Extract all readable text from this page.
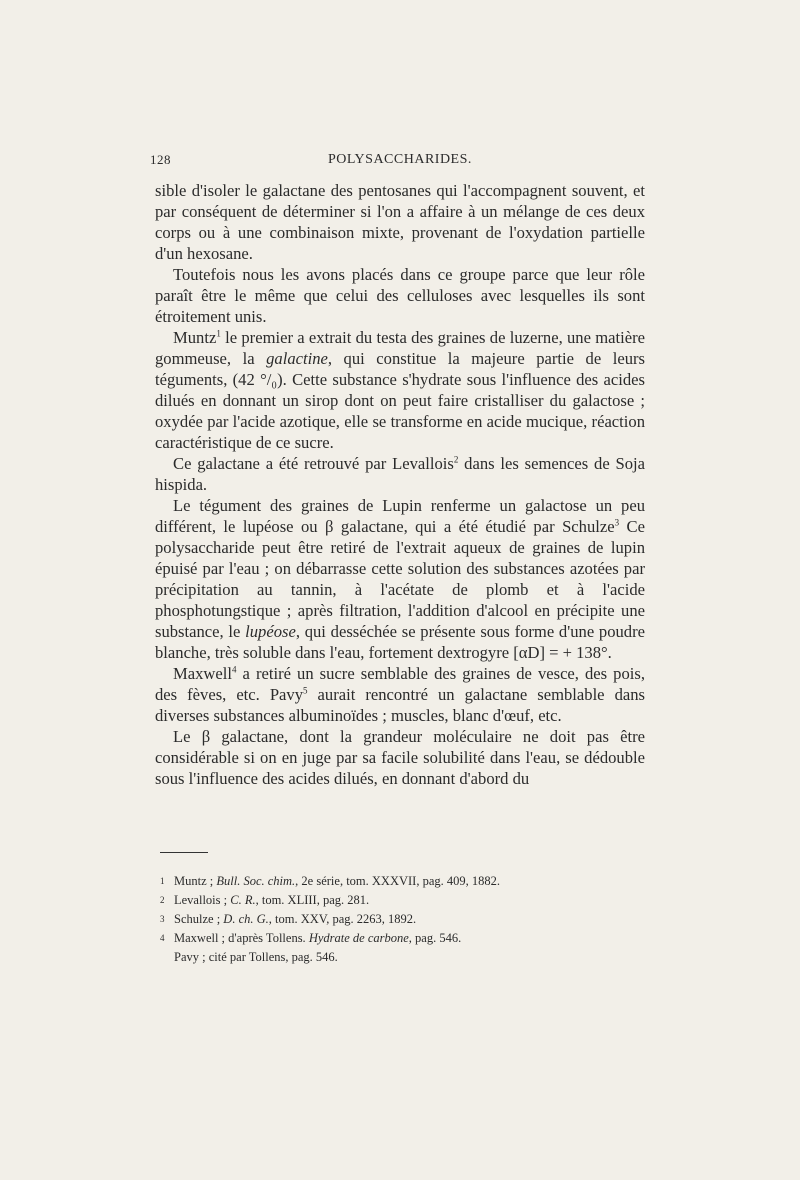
128	POLYSACCHARIDES.

sible d'isoler le galactane des pentosanes qui l'accompagnent souvent, et par conséquent de déterminer si l'on a affaire à un mélange de ces deux corps ou à une combinaison mixte, provenant de l'oxydation partielle d'un hexosane.

Toutefois nous les avons placés dans ce groupe parce que leur rôle paraît être le même que celui des celluloses avec lesquelles ils sont étroitement unis.

Muntz$^1$ le premier a extrait du testa des graines de luzerne, une matière gommeuse, la galactine, qui constitue la majeure partie de leurs téguments, (42 °/₀). Cette substance s'hydrate sous l'influence des acides dilués en donnant un sirop dont on peut faire cristalliser du galactose ; oxydée par l'acide azotique, elle se transforme en acide mucique, réaction caractéristique de ce sucre.

Ce galactane a été retrouvé par Levallois$^2$ dans les semences de Soja hispida.

Le tégument des graines de Lupin renferme un galactose un peu différent, le lupéose ou β galactane, qui a été étudié par Schulze$^3$ Ce polysaccharide peut être retiré de l'extrait aqueux de graines de lupin épuisé par l'eau ; on débarrasse cette solution des substances azotées par précipitation au tannin, à l'acétate de plomb et à l'acide phosphotungstique ; après filtration, l'addition d'alcool en précipite une substance, le lupéose, qui desséchée se présente sous forme d'une poudre blanche, très soluble dans l'eau, fortement dextrogyre [αD] = + 138°.

Maxwell$^4$ a retiré un sucre semblable des graines de vesce, des pois, des fèves, etc. Pavy$^5$ aurait rencontré un galactane semblable dans diverses substances albuminoïdes ; muscles, blanc d'œuf, etc.

Le β galactane, dont la grandeur moléculaire ne doit pas être considérable si on en juge par sa facile solubilité dans l'eau, se dédouble sous l'influence des acides dilués, en donnant d'abord du

1 Muntz ; Bull. Soc. chim., 2e série, tom. XXXVII, pag. 409, 1882.
2 Levallois ; C. R., tom. XLIII, pag. 281.
3 Schulze ; D. ch. G., tom. XXV, pag. 2263, 1892.
4 Maxwell ; d'après Tollens. Hydrate de carbone, pag. 546.
Pavy ; cité par Tollens, pag. 546.
